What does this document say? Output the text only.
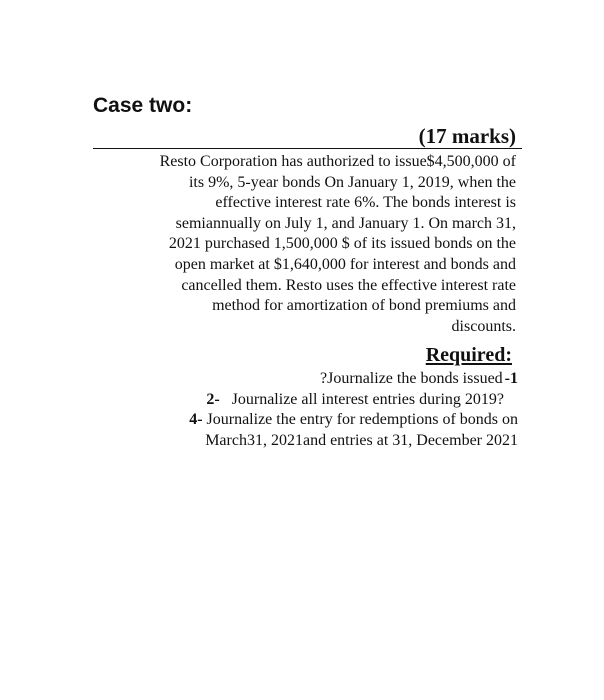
Case two:
(17 marks)
Resto Corporation has authorized to issue$4,500,000 of
its 9%, 5-year bonds On January 1, 2019, when the
effective interest rate 6%. The bonds interest is
semiannually on July 1, and January 1. On march 31,
2021 purchased 1,500,000 $ of its issued bonds on the
open market at $1,640,000 for interest and bonds and
cancelled them. Resto uses the effective interest rate
method for amortization of bond premiums and
discounts.
Required:
?Journalize the bonds issued -1
2- Journalize all interest entries during 2019?
4- Journalize the entry for redemptions of bonds on
March31, 2021and entries at 31, December 2021
